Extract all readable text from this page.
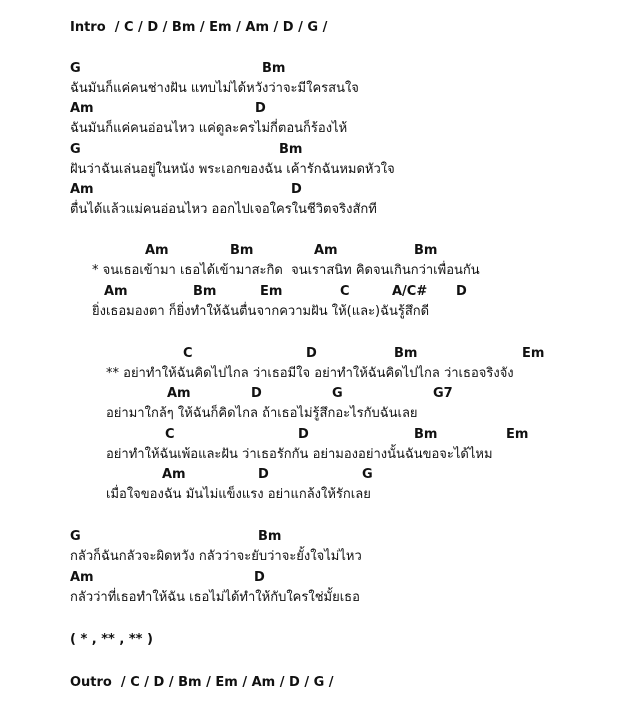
Intro  / C / D / Bm / Em / Am / D / G /
G	Bm
ฉันมันก็แค่คนช่างฝัน แทบไม่ได้หวังว่าจะมีใครสนใจ
Am	D
ฉันมันก็แค่คนอ่อนไหว แค่ดูละครไม่กี่ตอนก็ร้องไห้
G	Bm
ฝันว่าฉันเล่นอยู่ในหนัง พระเอกของฉัน เค้ารักฉันหมดหัวใจ
Am	D
ตื่นได้แล้วแม่คนอ่อนไหว ออกไปเจอใครในชีวิตจริงสักที
Am	Bm	Am	Bm
* จนเธอเข้ามา เธอได้เข้ามาสะกิด  จนเราสนิท คิดจนเกินกว่าเพื่อนกัน
Am	Bm	Em	C	A/C# D
ยิ่งเธอมองตา ก็ยิ่งทำให้ฉันตื่นจากความฝัน ให้(และ)ฉันรู้สึกดี
C	D	Bm	Em
** อย่าทำให้ฉันคิดไปไกล ว่าเธอมีใจ อย่าทำให้ฉันคิดไปไกล ว่าเธอจริงจัง
Am	D	G	G7
อย่ามาใกล้ๆ ให้ฉันก็คิดไกล ถ้าเธอไม่รู้สึกอะไรกับฉันเลย
C	D	Bm	Em
อย่าทำให้ฉันเพ้อและฝัน ว่าเธอรักกัน อย่ามองอย่างนั้นฉันขอจะได้ไหม
Am	D	G
เมื่อใจของฉัน มันไม่แข็งแรง อย่าแกล้งให้รักเลย
G	Bm
กลัวก็ฉันกลัวจะผิดหวัง กลัวว่าจะยับว่าจะยั้งใจไม่ไหว
Am	D
กลัวว่าที่เธอทำให้ฉัน เธอไม่ได้ทำให้กับใครใช่มั้ยเธอ
( * , ** , ** )
Outro  / C / D / Bm / Em / Am / D / G /
